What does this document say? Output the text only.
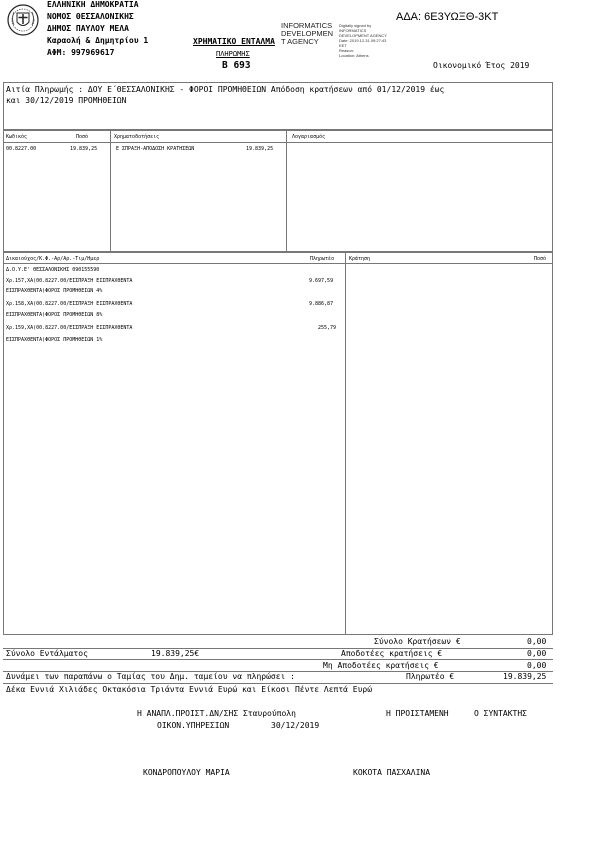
ΕΛΛΗΝΙΚΗ ΔΗΜΟΚΡΑΤΙΑ
ΝΟΜΟΣ ΘΕΣΣΑΛΟΝΙΚΗΣ
ΔΗΜΟΣ ΠΑΥΛΟΥ ΜΕΛΑ
Καραολή & Δημητρίου 1
ΑΦΜ: 997969617
INFORMATICS
DEVELOPMEN
T AGENCY
Digitally signed by
INFORMATICS
DEVELOPMENT AGENCY
Date: 2019.12.31 09:27:43
EET
Reason:
Location: Athens
ΑΔΑ: 6Ε3ΥΩΞΘ-3ΚΤ
ΧΡΗΜΑΤΙΚΟ ΕΝΤΑΛΜΑ
ΠΛΗΡΩΜΗΣ
Β 693	Οικονομικό Έτος 2019
Αιτία Πληρωμής : ΔΟΥ Ε΄ΘΕΣΣΑΛΟΝΙΚΗΣ - ΦΟΡΟΙ ΠΡΟΜΗΘΕΙΩΝ Απόδοση κρατήσεων από 01/12/2019 έως
και 30/12/2019 ΠΡΟΜΗΘΕΙΩΝ
Κωδικός	Ποσό	Χρηματοδοτήσεις	Λογαριασμός
00.8227.00	19.839,25	Ε ΣΠΡΑΞΗ-ΑΠΟΔΟΣΗ ΚΡΑΤΗΣΕΩΝ	19.839,25
Δικαιούχος/Κ.Φ.-Αρ/Αρ.-Τιμ/Ημερ	Πληρωτέο	Κράτηση	Ποσό
Δ.Ο.Υ.Ε' ΘΕΣΣΑΛΟΝΙΚΗΣ 090155590
Χρ.157,ΧΑ(00.8227.00/ΕΙΣΠΡΑΞΗ ΕΙΣΠΡΑΧΘΕΝΤΑ	9.697,59
ΕΙΣΠΡΑΧΘΕΝΤΑ)ΦΟΡΟΣ ΠΡΟΜΗΘΕΙΩΝ 4%
Χρ.158,ΧΑ(00.8227.00/ΕΙΣΠΡΑΞΗ ΕΙΣΠΡΑΧΘΕΝΤΑ	9.886,87
ΕΙΣΠΡΑΧΘΕΝΤΑ)ΦΟΡΟΣ ΠΡΟΜΗΘΕΙΩΝ 8%
Χρ.159,ΧΑ(00.8227.00/ΕΙΣΠΡΑΞΗ ΕΙΣΠΡΑΧΘΕΝΤΑ	255,79
ΕΙΣΠΡΑΧΘΕΝΤΑ)ΦΟΡΟΣ ΠΡΟΜΗΘΕΙΩΝ 1%
Σύνολο Κρατήσεων €	0,00
Σύνολο Εντάλματος	19.839,25€	Αποδοτέες κρατήσεις €	0,00
Μη Αποδοτέες κρατήσεις €	0,00
Δυνάμει των παραπάνω ο Ταμίας του Δημ. ταμείου να πληρώσει :	Πληρωτέο €	19.839,25
Δέκα Εννιά Χιλιάδες Οκτακόσια Τριάντα Εννιά Ευρώ και Είκοσι Πέντε Λεπτά Ευρώ
Η ΑΝΑΠΛ.ΠΡΟΙΣΤ.ΔΝ/ΣΗΣ Σταυρούπολη
ΟΙΚΟΝ.ΥΠΗΡΕΣΙΩΝ	30/12/2019
Η ΠΡΟΙΣΤΑΜΕΝΗ	Ο ΣΥΝΤΑΚΤΗΣ
ΚΟΝΔΡΟΠΟΥΛΟΥ ΜΑΡΙΑ	ΚΟΚΟΤΑ ΠΑΣΧΑΛΙΝΑ
